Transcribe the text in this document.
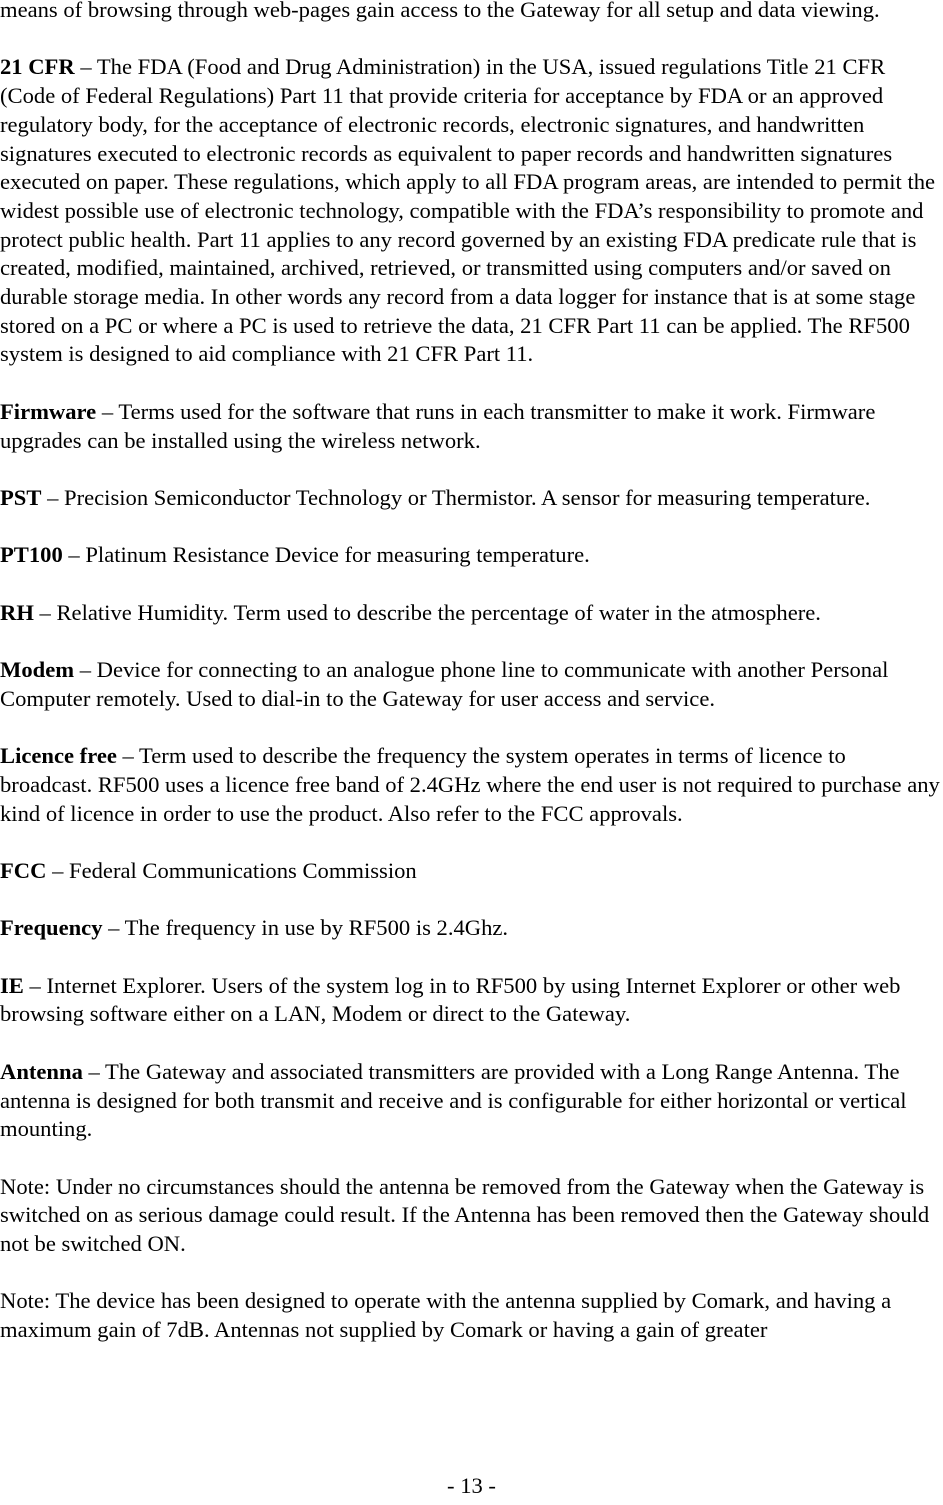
means of browsing through web-pages gain access to the Gateway for all setup and data viewing.

21 CFR – The FDA (Food and Drug Administration) in the USA, issued regulations Title 21 CFR (Code of Federal Regulations) Part 11 that provide criteria for acceptance by FDA or an approved regulatory body, for the acceptance of electronic records, electronic signatures, and handwritten signatures executed to electronic records as equivalent to paper records and handwritten signatures executed on paper. These regulations, which apply to all FDA program areas, are intended to permit the widest possible use of electronic technology, compatible with the FDA’s responsibility to promote and protect public health. Part 11 applies to any record governed by an existing FDA predicate rule that is created, modified, maintained, archived, retrieved, or transmitted using computers and/or saved on durable storage media. In other words any record from a data logger for instance that is at some stage stored on a PC or where a PC is used to retrieve the data, 21 CFR Part 11 can be applied. The RF500 system is designed to aid compliance with 21 CFR Part 11.

Firmware – Terms used for the software that runs in each transmitter to make it work. Firmware upgrades can be installed using the wireless network.

PST – Precision Semiconductor Technology or Thermistor. A sensor for measuring temperature.

PT100 – Platinum Resistance Device for measuring temperature.

RH – Relative Humidity. Term used to describe the percentage of water in the atmosphere.

Modem – Device for connecting to an analogue phone line to communicate with another Personal Computer remotely. Used to dial-in to the Gateway for user access and service.

Licence free – Term used to describe the frequency the system operates in terms of licence to broadcast. RF500 uses a licence free band of 2.4GHz where the end user is not required to purchase any kind of licence in order to use the product. Also refer to the FCC approvals.

FCC – Federal Communications Commission

Frequency – The frequency in use by RF500 is 2.4Ghz.

IE – Internet Explorer. Users of the system log in to RF500 by using Internet Explorer or other web browsing software either on a LAN, Modem or direct to the Gateway.

Antenna – The Gateway and associated transmitters are provided with a Long Range Antenna. The antenna is designed for both transmit and receive and is configurable for either horizontal or vertical mounting.

Note: Under no circumstances should the antenna be removed from the Gateway when the Gateway is switched on as serious damage could result. If the Antenna has been removed then the Gateway should not be switched ON.

Note: The device has been designed to operate with the antenna supplied by Comark, and having a maximum gain of 7dB. Antennas not supplied by Comark or having a gain of greater

- 13 -
